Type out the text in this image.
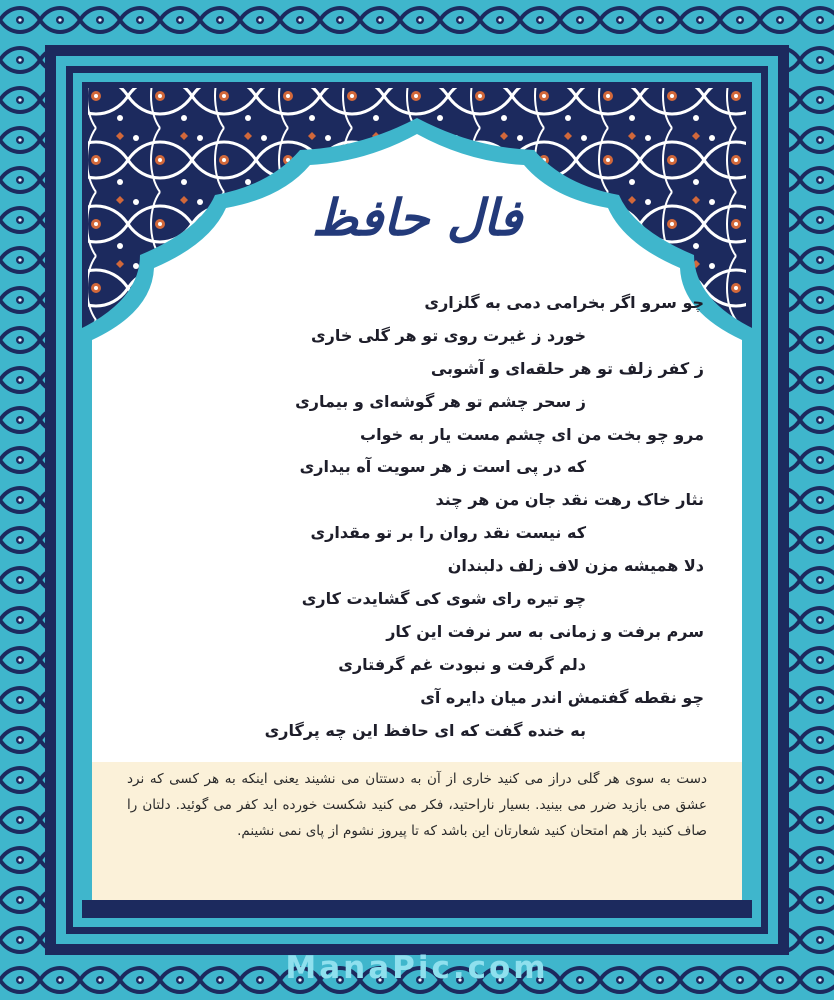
فال حافظ
چو سرو اگر بخرامی دمی به گلزاری
خورد ز غیرت روی تو هر گلی خاری
ز کفر زلف تو هر حلقه‌ای و آشوبی
ز سحر چشم تو هر گوشه‌ای و بیماری
مرو چو بخت من ای چشم مست یار به خواب
که در پی است ز هر سویت آه بیداری
نثار خاک رهت نقد جان من هر چند
که نیست نقد روان را بر تو مقداری
دلا همیشه مزن لاف زلف دلبندان
چو تیره رای شوی کی گشایدت کاری
سرم برفت و زمانی به سر نرفت این کار
دلم گرفت و نبودت غم گرفتاری
چو نقطه گفتمش اندر میان دایره آی
به خنده گفت که ای حافظ این چه پرگاری

دست به سوی هر گلی دراز می کنید خاری از آن به دستتان می نشیند یعنی اینکه به هر کسی که نرد عشق می بازید ضرر می بینید. بسیار ناراحتید، فکر می کنید شکست خورده اید کفر می گوئید. دلتان را صاف کنید باز هم امتحان کنید شعارتان این باشد که تا پیروز نشوم از پای نمی نشینم.

ManaPic.com
